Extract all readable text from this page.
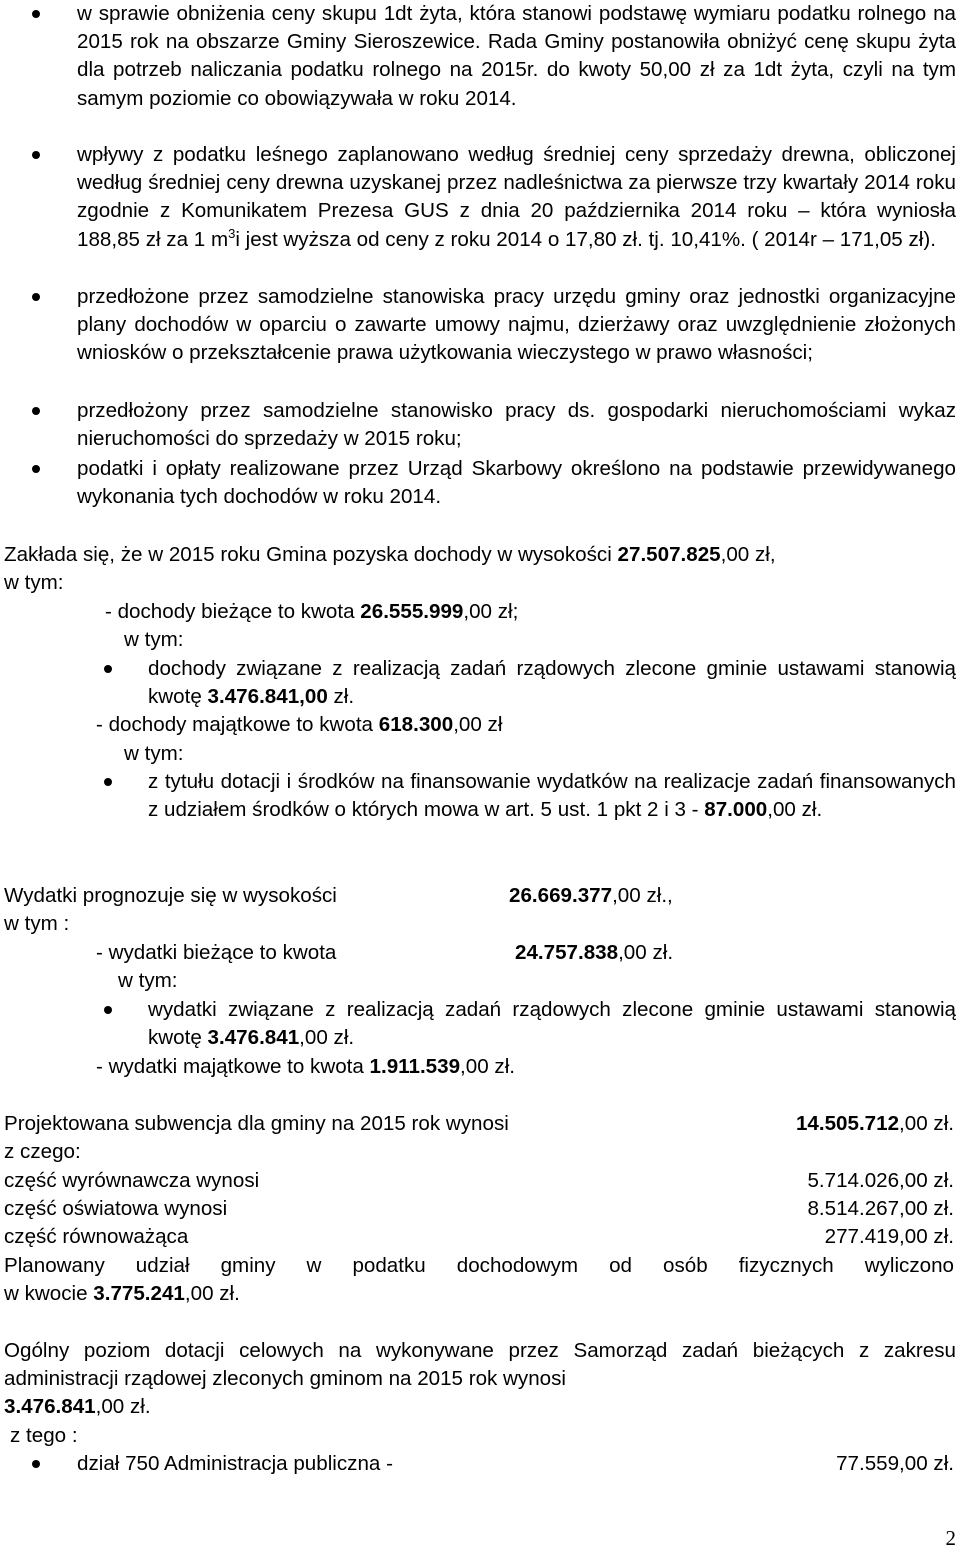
w sprawie obniżenia ceny skupu 1dt żyta, która stanowi podstawę wymiaru podatku rolnego na 2015 rok na obszarze Gminy Sieroszewice. Rada Gminy postanowiła obniżyć cenę skupu żyta dla potrzeb naliczania podatku rolnego na 2015r. do kwoty 50,00 zł za 1dt żyta, czyli na tym samym poziomie co obowiązywała w roku 2014.
wpływy z podatku leśnego zaplanowano według średniej ceny sprzedaży drewna, obliczonej według średniej ceny drewna uzyskanej przez nadleśnictwa za pierwsze trzy kwartały 2014 roku zgodnie z Komunikatem Prezesa GUS z dnia 20 października 2014 roku – która wyniosła 188,85 zł za 1 $m^3i$ jest wyższa od ceny z roku 2014 o 17,80 zł. tj. 10,41%. ( 2014r – 171,05 zł).
przedłożone przez samodzielne stanowiska pracy urzędu gminy oraz jednostki organizacyjne plany dochodów w oparciu o zawarte umowy najmu, dzierżawy oraz uwzględnienie złożonych wniosków o przekształcenie prawa użytkowania wieczystego w prawo własności;
przedłożony przez samodzielne stanowisko pracy ds. gospodarki nieruchomościami wykaz nieruchomości do sprzedaży w 2015 roku;
podatki i opłaty realizowane przez Urząd Skarbowy określono na podstawie przewidywanego wykonania tych dochodów w roku 2014.
Zakłada się, że w 2015 roku Gmina pozyska dochody w wysokości 27.507.825,00 zł,
w tym:
- dochody bieżące to kwota 26.555.999,00 zł;
w tym:
dochody związane z realizacją zadań rządowych zlecone gminie ustawami stanowią kwotę 3.476.841,00 zł.
- dochody majątkowe to kwota 618.300,00 zł
w tym:
z tytułu dotacji i środków na finansowanie wydatków na realizacje zadań finansowanych z udziałem środków o których mowa w art. 5 ust. 1 pkt 2 i 3 - 87.000,00 zł.
Wydatki prognozuje się w wysokości	26.669.377,00 zł.,
w tym :
- wydatki bieżące to kwota	24.757.838,00 zł.
w tym:
wydatki związane z realizacją zadań rządowych zlecone gminie ustawami stanowią kwotę 3.476.841,00 zł.
- wydatki majątkowe to kwota 1.911.539,00 zł.
Projektowana subwencja dla gminy na 2015 rok wynosi	14.505.712,00 zł.
z czego:
część wyrównawcza wynosi	5.714.026,00 zł.
część oświatowa wynosi	8.514.267,00 zł.
część równoważąca	277.419,00 zł.
Planowany udział gminy w podatku dochodowym od osób fizycznych wyliczono
w kwocie 3.775.241,00 zł.
Ogólny poziom dotacji celowych na wykonywane przez Samorząd zadań bieżących z zakresu administracji rządowej zleconych gminom na 2015 rok wynosi
3.476.841,00 zł.
z tego :
dział 750 Administracja publiczna -	77.559,00 zł.
2
